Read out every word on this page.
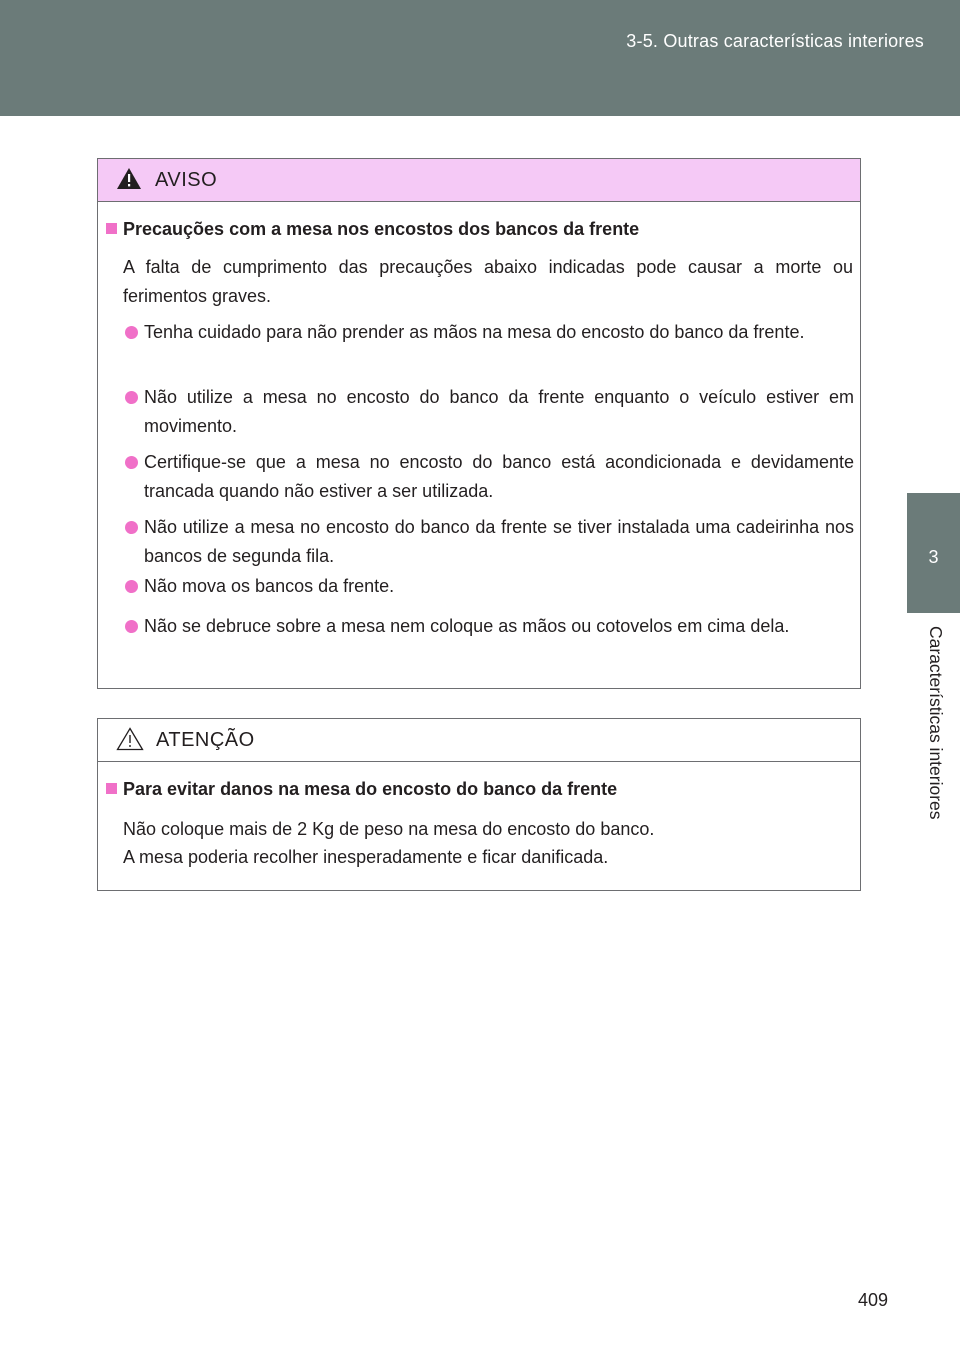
3-5. Outras características interiores
3
Características interiores
AVISO
Precauções com a mesa nos encostos dos bancos da frente
A falta de cumprimento das precauções abaixo indicadas pode causar a morte ou ferimentos graves.
Tenha cuidado para não prender as mãos na mesa do encosto do banco da frente.
Não utilize a mesa no encosto do banco da frente enquanto o veículo estiver em movimento.
Certifique-se que a mesa no encosto do banco está acondicionada e devidamente trancada quando não estiver a ser utilizada.
Não utilize a mesa no encosto do banco da frente se tiver instalada uma cadeirinha nos bancos de segunda fila.
Não mova os bancos da frente.
Não se debruce sobre a mesa nem coloque as mãos ou cotovelos em cima dela.
ATENÇÃO
Para evitar danos na mesa do encosto do banco da frente
Não coloque mais de 2 Kg de peso na mesa do encosto do banco.
A mesa poderia recolher inesperadamente e ficar danificada.
409
